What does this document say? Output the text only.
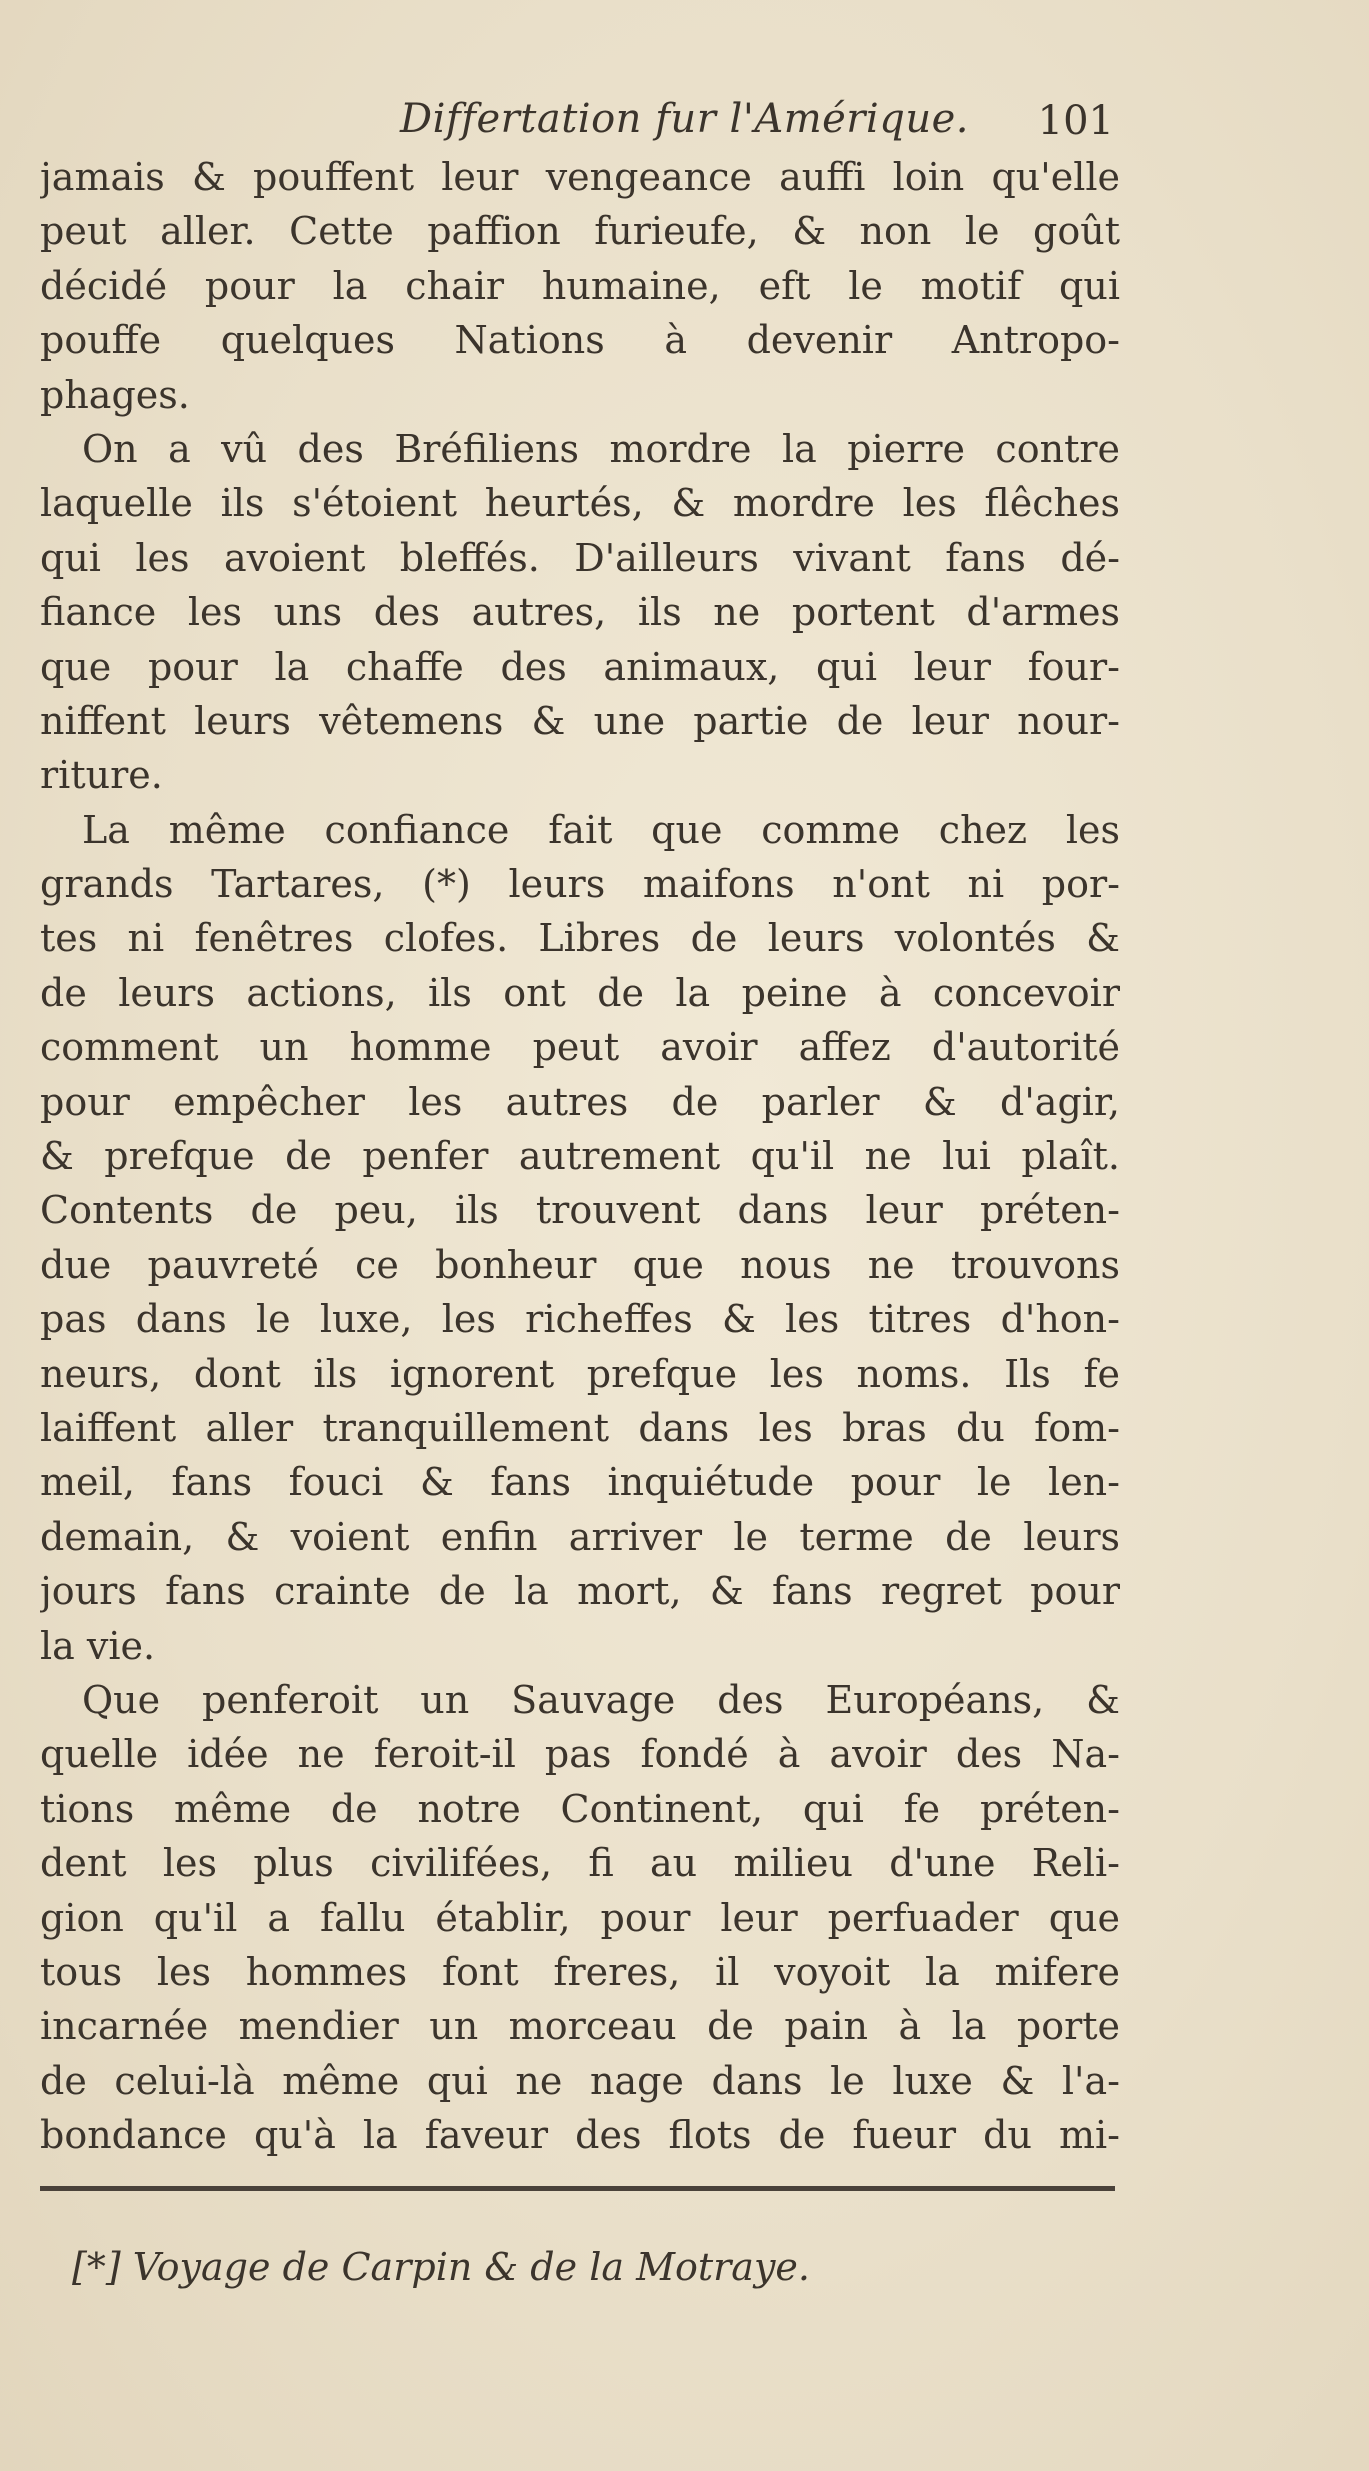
Differtation fur l'Amérique.	101
jamais & pouffent leur vengeance auffi loin qu'elle
peut aller. Cette paffion furieufe, & non le goût
décidé pour la chair humaine, eft le motif qui
pouffe quelques Nations à devenir Antropo-
phages.
On a vû des Bréfiliens mordre la pierre contre
laquelle ils s'étoient heurtés, & mordre les flêches
qui les avoient bleffés. D'ailleurs vivant fans dé-
fiance les uns des autres, ils ne portent d'armes
que pour la chaffe des animaux, qui leur four-
niffent leurs vêtemens & une partie de leur nour-
riture.
La même confiance fait que comme chez les
grands Tartares, (*) leurs maifons n'ont ni por-
tes ni fenêtres clofes. Libres de leurs volontés &
de leurs actions, ils ont de la peine à concevoir
comment un homme peut avoir affez d'autorité
pour empêcher les autres de parler & d'agir,
& prefque de penfer autrement qu'il ne lui plaît.
Contents de peu, ils trouvent dans leur préten-
due pauvreté ce bonheur que nous ne trouvons
pas dans le luxe, les richeffes & les titres d'hon-
neurs, dont ils ignorent prefque les noms. Ils fe
laiffent aller tranquillement dans les bras du fom-
meil, fans fouci & fans inquiétude pour le len-
demain, & voient enfin arriver le terme de leurs
jours fans crainte de la mort, & fans regret pour
la vie.
Que penferoit un Sauvage des Européans, &
quelle idée ne feroit-il pas fondé à avoir des Na-
tions même de notre Continent, qui fe préten-
dent les plus civilifées, fi au milieu d'une Reli-
gion qu'il a fallu établir, pour leur perfuader que
tous les hommes font freres, il voyoit la mifere
incarnée mendier un morceau de pain à la porte
de celui-là même qui ne nage dans le luxe & l'a-
bondance qu'à la faveur des flots de fueur du mi-
[*] Voyage de Carpin & de la Motraye.
